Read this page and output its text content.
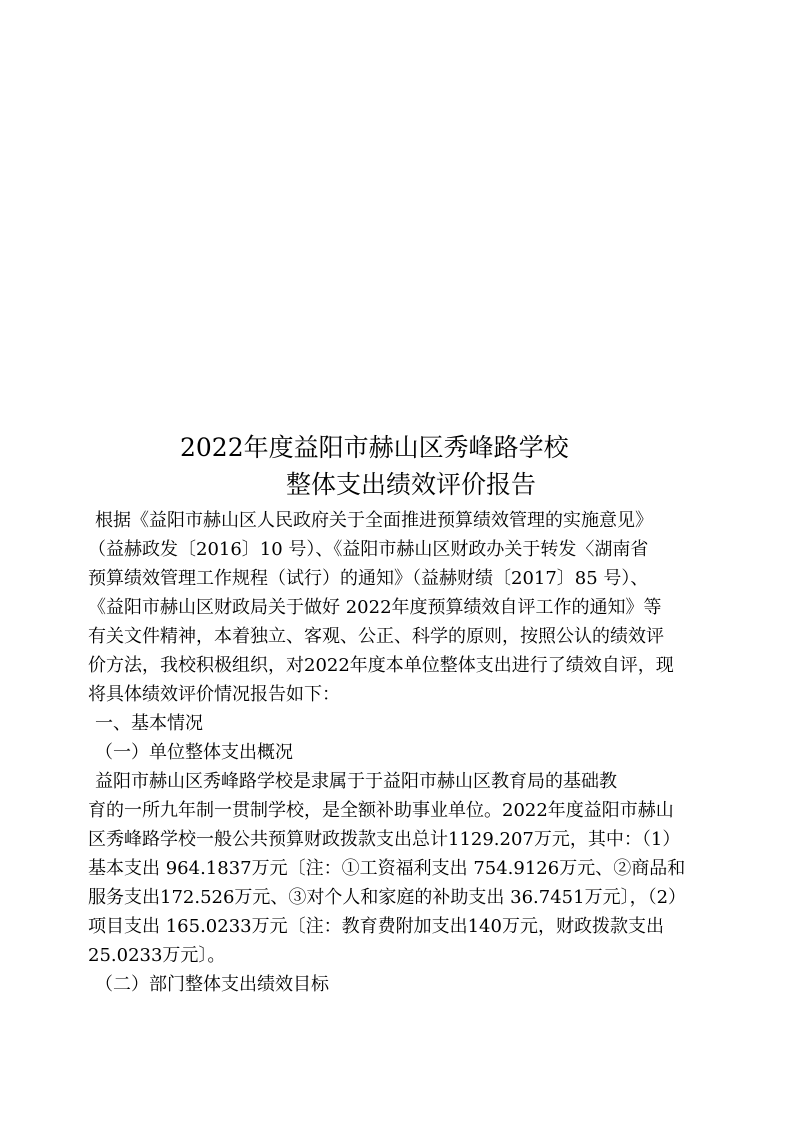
2022年度益阳市赫山区秀峰路学校
整体支出绩效评价报告
根据《益阳市赫山区人民政府关于全面推进预算绩效管理的实施意见》
（益赫政发〔2016〕10 号）、《益阳市赫山区财政办关于转发〈湖南省
预算绩效管理工作规程（试行）的通知》（益赫财绩〔2017〕85 号）、
《益阳市赫山区财政局关于做好 2022年度预算绩效自评工作的通知》等
有关文件精神，本着独立、客观、公正、科学的原则，按照公认的绩效评
价方法，我校积极组织，对2022年度本单位整体支出进行了绩效自评，现
将具体绩效评价情况报告如下：
一、基本情况
（一）单位整体支出概况
益阳市赫山区秀峰路学校是隶属于于益阳市赫山区教育局的基础教
育的一所九年制一贯制学校，是全额补助事业单位。2022年度益阳市赫山
区秀峰路学校一般公共预算财政拨款支出总计1129.207万元，其中：（1）
基本支出 964.1837万元〔注：①工资福利支出 754.9126万元、②商品和
服务支出172.526万元、③对个人和家庭的补助支出 36.7451万元〕，（2）
项目支出 165.0233万元〔注：教育费附加支出140万元，财政拨款支出
25.0233万元〕。
（二）部门整体支出绩效目标
